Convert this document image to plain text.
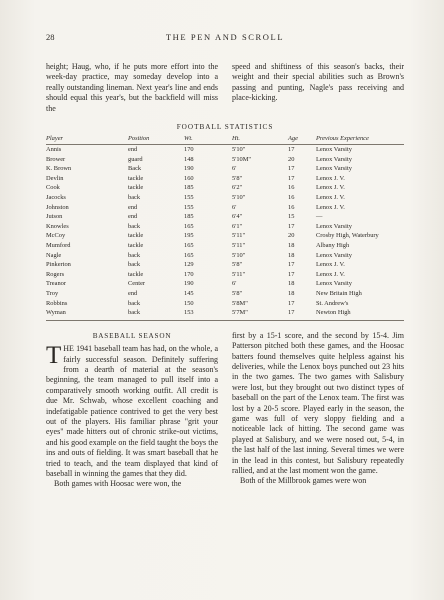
28	THE PEN AND SCROLL
height; Haug, who, if he puts more effort into the week-day practice, may someday develop into a really outstanding lineman. Next year's line and ends should equal this year's, but the backfield will miss the
speed and shiftiness of this season's backs, their weight and their special abilities such as Brown's passing and punting, Nagle's pass receiving and place-kicking.
FOOTBALL STATISTICS
Player	Position	Wt.	Ht.	Age	Previous Experience
Annis	end	170	5'10"	17	Lenox Varsity
Brower	guard	148	5'10M"	20	Lenox Varsity
K. Brown	Back	190	6'	17	Lenox Varsity
Devlin	tackle	160	5'8"	17	Lenox J. V.
Cook	tackle	185	6'2"	16	Lenox J. V.
Jacocks	back	155	5'10"	16	Lenox J. V.
Johnston	end	155	6'	16	Lenox J. V.
Jutson	end	185	6'4"	15	—
Knowles	back	165	6'1"	17	Lenox Varsity
McCoy	tackle	195	5'11"	20	Crosby High, Waterbury
Mumford	tackle	165	5'11"	18	Albany High
Nagle	back	165	5'10"	18	Lenox Varsity
Pinkerton	back	129	5'8"	17	Lenox J. V.
Rogers	tackle	170	5'11"	17	Lenox J. V.
Treanor	Center	190	6'	18	Lenox Varsity
Troy	end	145	5'8"	18	New Britain High
Robbins	back	150	5'8M"	17	St. Andrew's
Wyman	back	153	5'7M"	17	Newton High
BASEBALL SEASON

THE 1941 baseball team has had, on the whole, a fairly successful season. Definitely suffering from a dearth of material at the season's beginning, the team managed to pull itself into a comparatively smooth working outfit. All credit is due Mr. Schwab, whose excellent coaching and indefatigable patience contrived to get the very best out of the players. His familiar phrase "grit your eyes" made hitters out of chronic strike-out victims, and his good example on the field taught the boys the ins and outs of fielding. It was smart baseball that he tried to teach, and the team displayed that kind of baseball in winning the games that they did.

Both games with Hoosac were won, the

first by a 15-1 score, and the second by 15-4. Jim Patterson pitched both these games, and the Hoosac batters found themselves quite helpless against his deliveries, while the Lenox boys punched out 23 hits in the two games. The two games with Salisbury were lost, but they brought out two distinct types of baseball on the part of the Lenox team. The first was lost by a 20-5 score. Played early in the season, the game was full of very sloppy fielding and a noticeable lack of hitting. The second game was played at Salisbury, and we were nosed out, 5-4, in the last half of the last inning. Several times we were in the lead in this contest, but Salisbury repeatedly rallied, and at the last moment won the game.

Both of the Millbrook games were won
